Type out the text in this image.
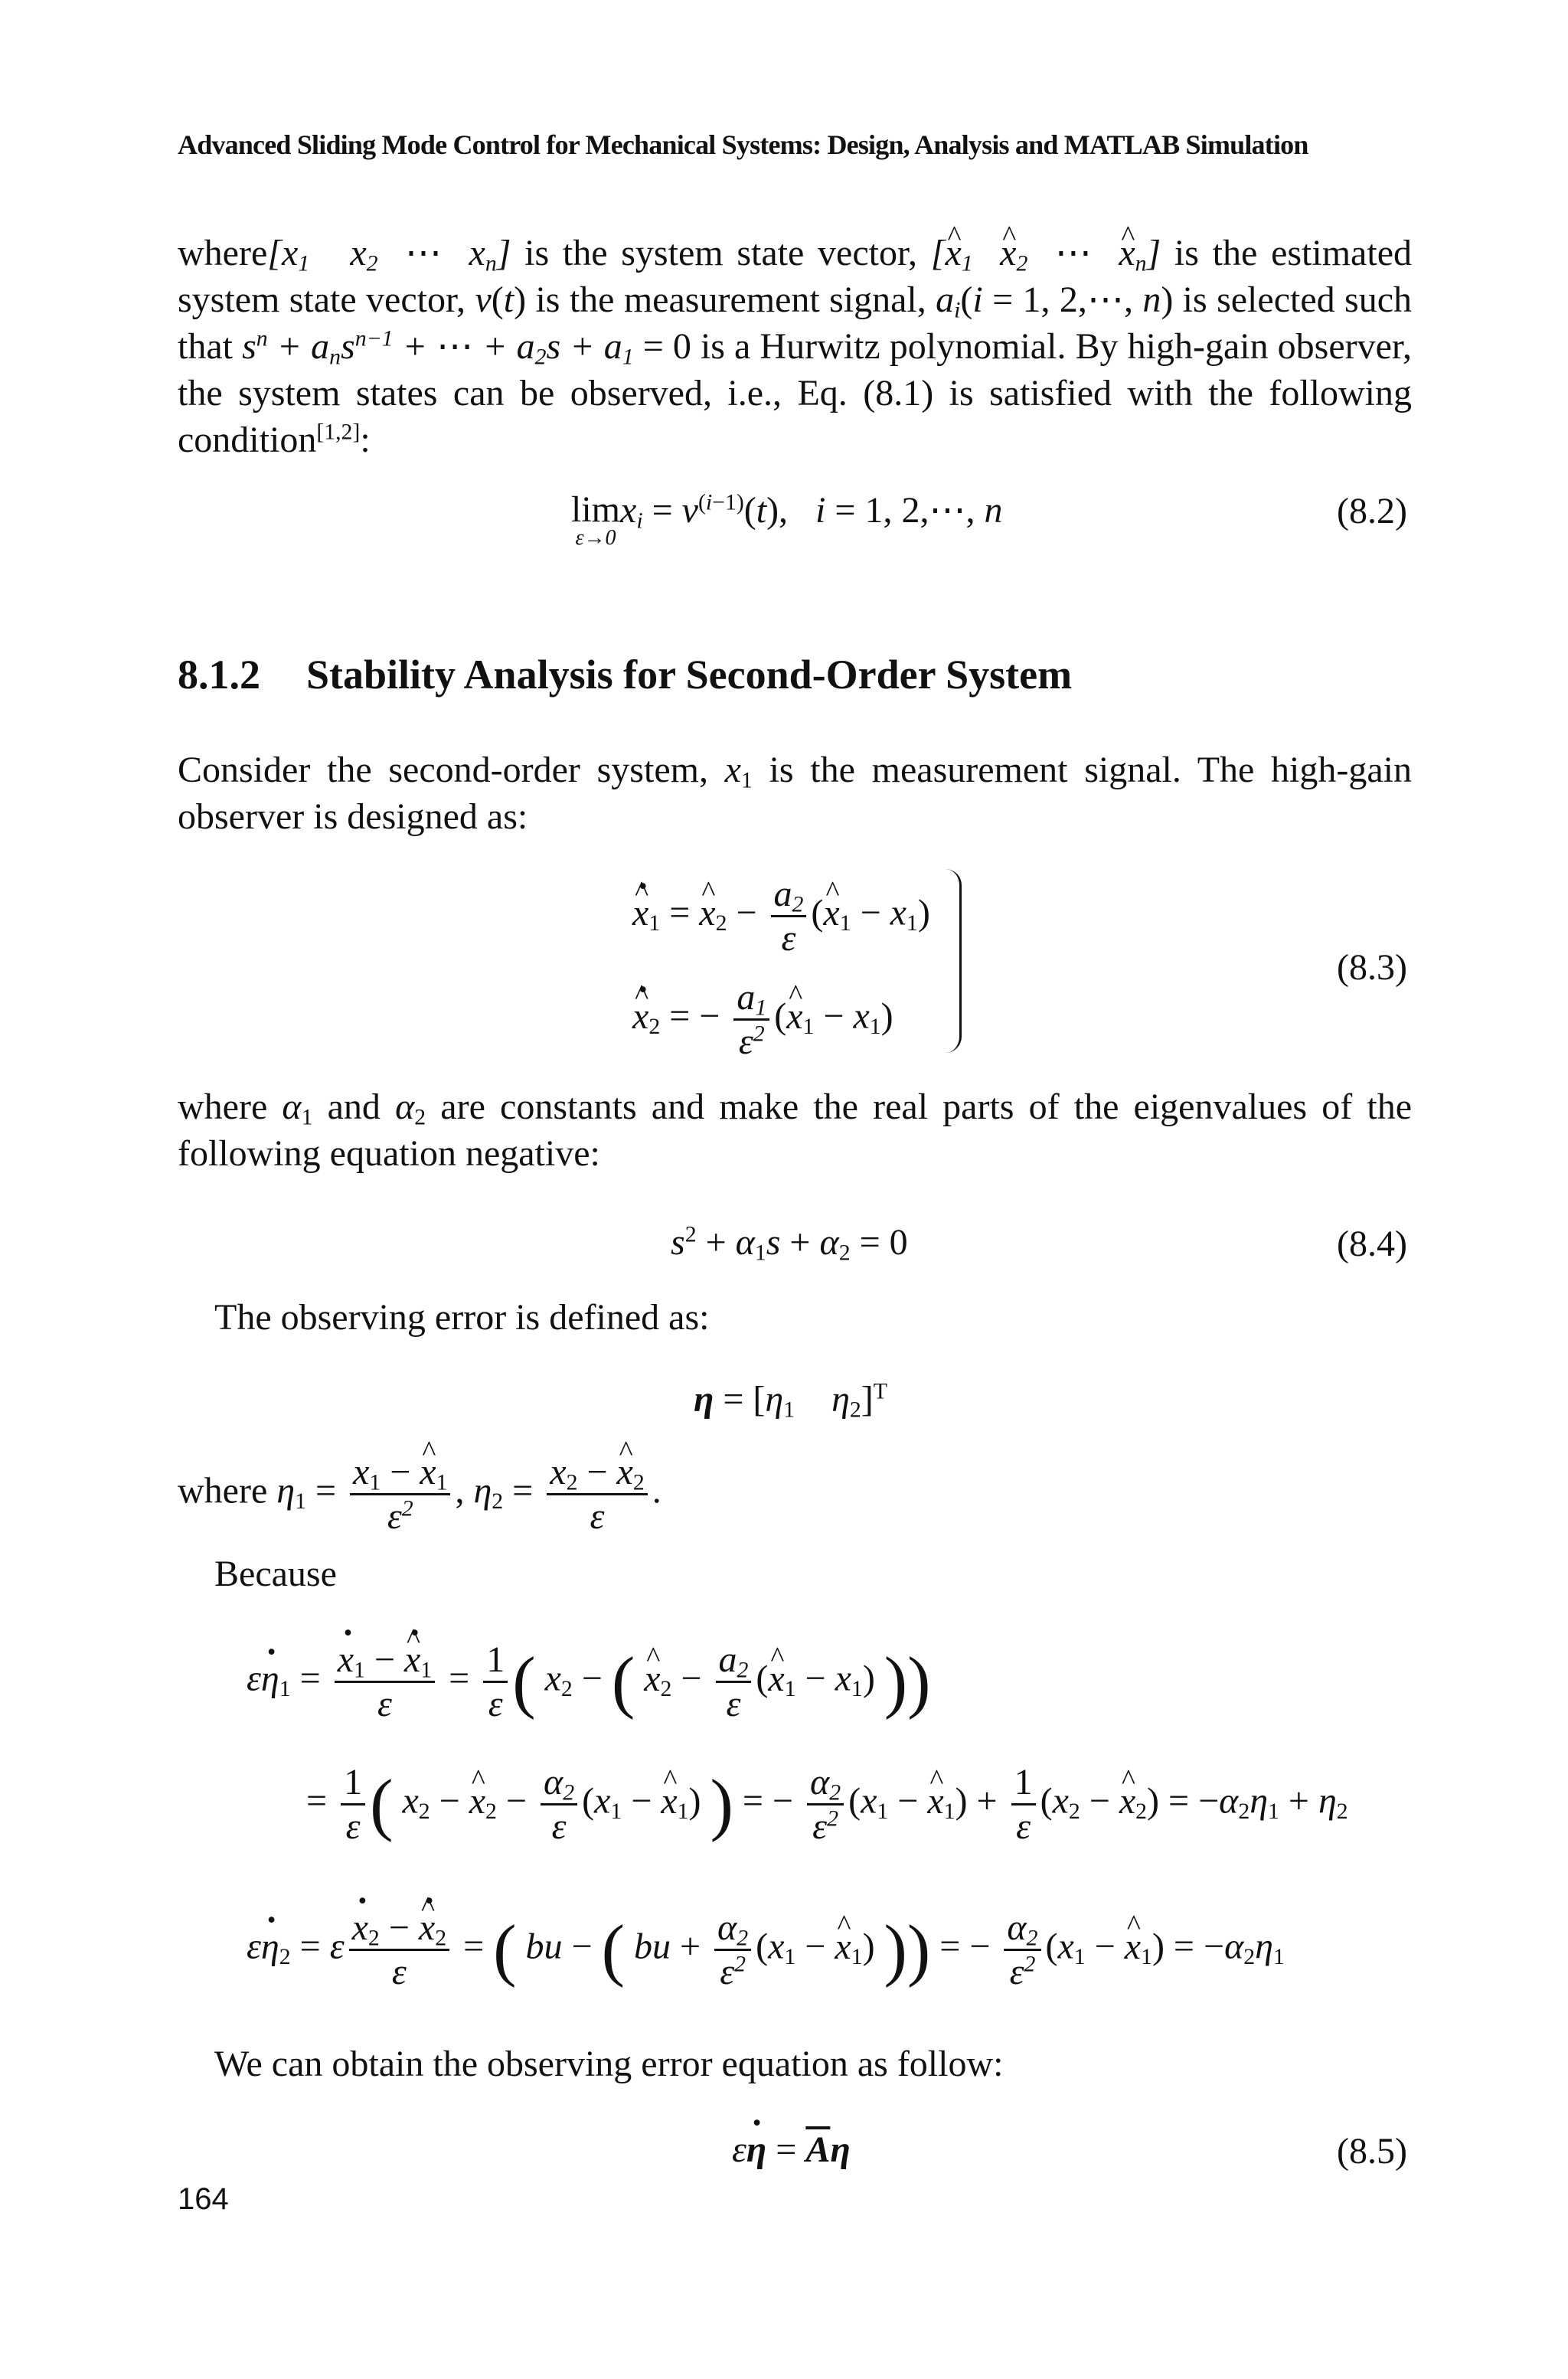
Advanced Sliding Mode Control for Mechanical Systems: Design, Analysis and MATLAB Simulation
$where[x_1$   $x_2$ ⋯  $x_n$] is the system state vector, [^ $x_1$ ^ $x_2$ ⋯ ^ $x_n$] is the estimated system state vector, v(t) is the measurement signal, $a_i(i = 1$, 2,⋯, n) is selected such that $s^n + a_ns^{n-1}$ + ⋯ + $a_2s + a_1 = 0$ is a Hurwitz polynomial. By high-gain observer, the system states can be observed, i.e., Eq. (8.1) is satisfied with the following condition[1,2]:
lim

ε→0
$x_i = v^{(i-1)}(t)$,   i = 1, 2,⋯, n	(8.2)
8.1.2 Stability Analysis for Second-Order System
Consider the second-order system, $x_1$ is the measurement signal. The high-gain observer is designed as:
^ $x \cdot_1$ = ^ $x_2 - \frac{a_2}{\varepsilon}$ (^ $x_1 - x_1$)
^ $x \cdot_2$ = − $\frac{a_1}{\varepsilon^2}$ (^ $x_1 - x_1$)
(8.3)
where $\alpha_1$ and $\alpha_2$ are constants and make the real parts of the eigenvalues of the following equation negative:
$s^2 + \alpha_1s + \alpha_2 = 0$	(8.4)
The observing error is defined as:
$\eta = [\eta_1$ $\eta_2]^T$
where $\eta_1 = \frac{x_1 - \^{} x_1}{\varepsilon^2}$ , $\eta_2 = \frac{x_2 - \^{} x_2}{\varepsilon}$ .
Because
$\varepsilon\eta \cdot_1 = \frac{x \cdot_1 - \^{} x \cdot_1}{\varepsilon} = \frac{1}{\varepsilon}$ ( $x_2$ − ( ^ $x_2 - \frac{a_2}{\varepsilon}$ (^ $x_1 - x_1$) ))
= $\frac{1}{\varepsilon}$ ( $x_2$ − ^ $x_2 - \frac{\alpha_2}{\varepsilon} (x_1$ − ^ $x_1$) ) = − $\frac{\alpha_2}{\varepsilon^2} (x_1$ − ^ $x_1) + \frac{1}{\varepsilon} (x_2$ − ^ $x_2) = -\alpha_2\eta_1 + \eta_2$
$\varepsilon\eta \cdot_2 = \varepsilon \frac{x \cdot_2 - \^{} x \cdot_2}{\varepsilon}$ = ( bu − ( bu + $\frac{\alpha_2}{\varepsilon^2} (x_1$ − ^ $x_1$) )) = − $\frac{\alpha_2}{\varepsilon^2} (x_1$ − ^ $x_1) = -\alpha_2\eta_1$
We can obtain the observing error equation as follow:
εη · = $\overline{A}\eta$	(8.5)
164
